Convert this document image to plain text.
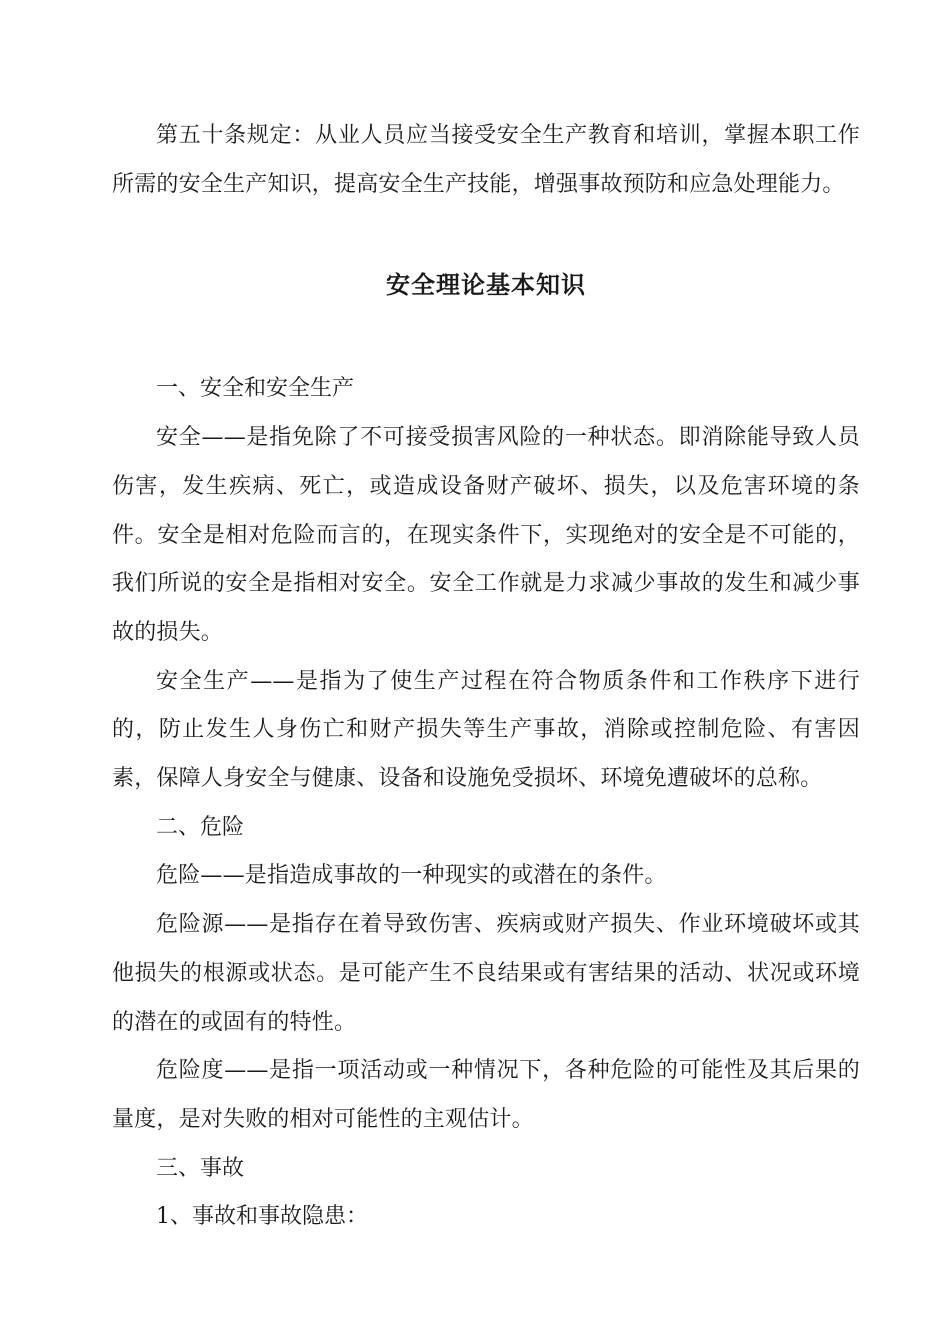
第五十条规定：从业人员应当接受安全生产教育和培训，掌握本职工作所需的安全生产知识，提高安全生产技能，增强事故预防和应急处理能力。

安全理论基本知识

一、安全和安全生产

安全——是指免除了不可接受损害风险的一种状态。即消除能导致人员伤害，发生疾病、死亡，或造成设备财产破坏、损失，以及危害环境的条件。安全是相对危险而言的，在现实条件下，实现绝对的安全是不可能的，我们所说的安全是指相对安全。安全工作就是力求减少事故的发生和减少事故的损失。

安全生产——是指为了使生产过程在符合物质条件和工作秩序下进行的，防止发生人身伤亡和财产损失等生产事故，消除或控制危险、有害因素，保障人身安全与健康、设备和设施免受损坏、环境免遭破坏的总称。

二、危险

危险——是指造成事故的一种现实的或潜在的条件。

危险源——是指存在着导致伤害、疾病或财产损失、作业环境破坏或其他损失的根源或状态。是可能产生不良结果或有害结果的活动、状况或环境的潜在的或固有的特性。

危险度——是指一项活动或一种情况下，各种危险的可能性及其后果的量度，是对失败的相对可能性的主观估计。

三、事故

1、事故和事故隐患：
